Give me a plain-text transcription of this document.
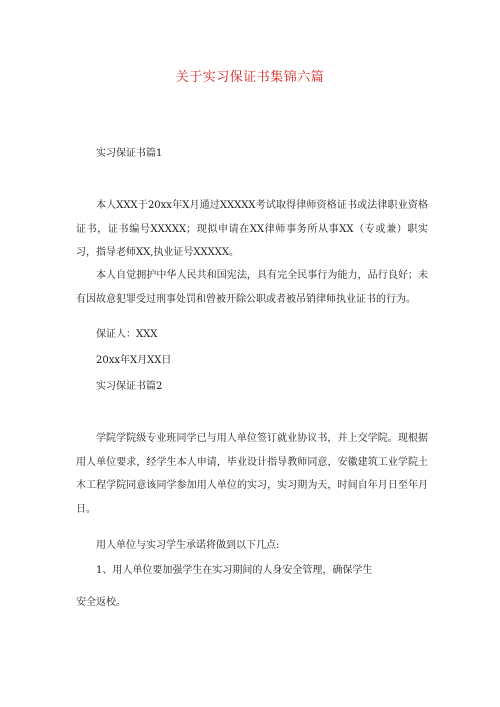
关于实习保证书集锦六篇
实习保证书篇1
本人XXX于20xx年X月通过XXXXX考试取得律师资格证书或法律职业资格证书，证书编号XXXXX；现拟申请在XX律师事务所从事XX（专或兼）职实习，指导老师XX,执业证号XXXXX。
本人自觉拥护中华人民共和国宪法，具有完全民事行为能力，品行良好；未有因故意犯罪受过刑事处罚和曾被开除公职或者被吊销律师执业证书的行为。
保证人：XXX
20xx年X月XX日
实习保证书篇2
学院学院级专业班同学已与用人单位签订就业协议书，并上交学院。现根据用人单位要求，经学生本人申请，毕业设计指导教师同意，安徽建筑工业学院土木工程学院同意该同学参加用人单位的实习，实习期为天，时间自年月日至年月日。
用人单位与实习学生承诺将做到以下几点:
1、用人单位要加强学生在实习期间的人身安全管理，确保学生
安全返校。
